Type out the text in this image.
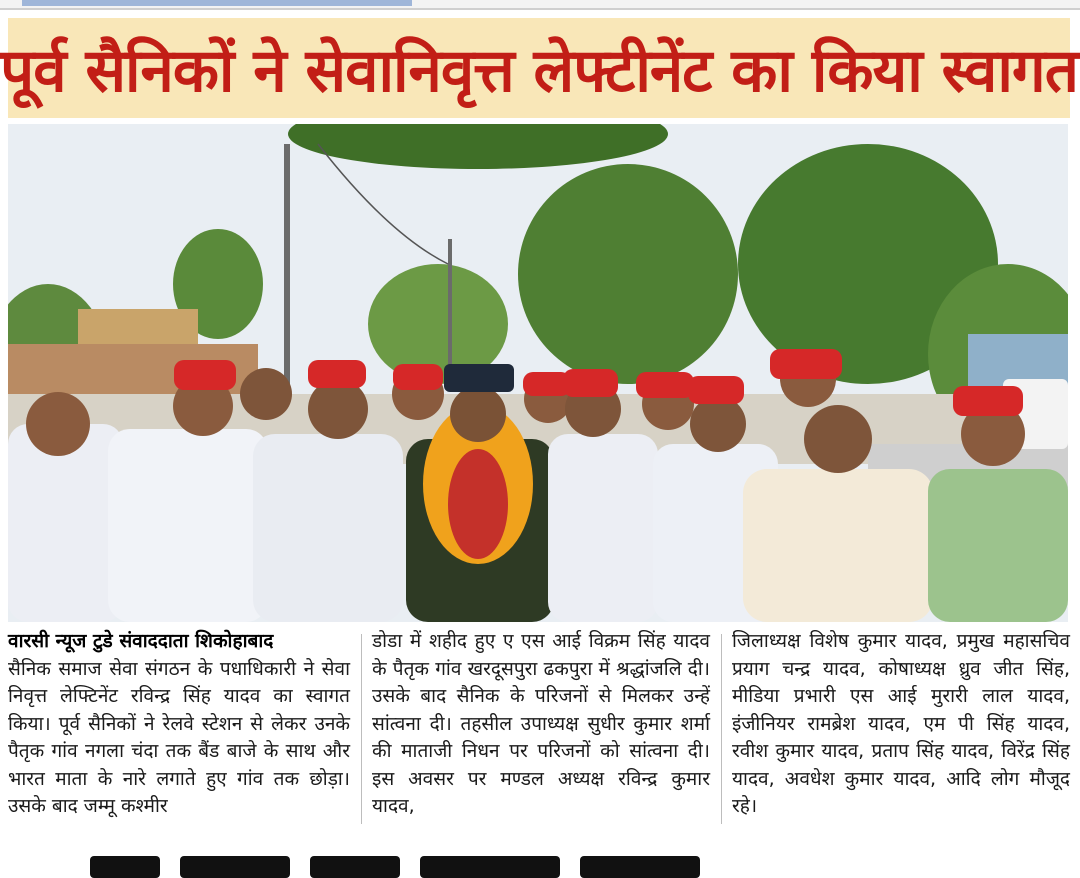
पूर्व सैनिकों ने सेवानिवृत्त लेफ्टीनेंट का किया स्वागत
वारसी न्यूज टुडे संवाददाता शिकोहाबाद
सैनिक समाज सेवा संगठन के पधाधिकारी ने सेवा निवृत्त लेफ्टिनेंट रविन्द्र सिंह यादव का स्वागत किया। पूर्व सैनिकों ने रेलवे स्टेशन से लेकर उनके पैतृक गांव नगला चंदा तक बैंड बाजे के साथ और भारत माता के नारे लगाते हुए गांव तक छोड़ा। उसके बाद जम्मू कश्मीर
डोडा में शहीद हुए ए एस आई विक्रम सिंह यादव के पैतृक गांव खरदूसपुरा ढकपुरा में श्रद्धांजलि दी। उसके बाद सैनिक के परिजनों से मिलकर उन्हें सांत्वना दी। तहसील उपाध्यक्ष सुधीर कुमार शर्मा की माताजी निधन पर परिजनों को सांत्वना दी। इस अवसर पर मण्डल अध्यक्ष रविन्द्र कुमार यादव,
जिलाध्यक्ष विशेष कुमार यादव, प्रमुख महासचिव प्रयाग चन्द्र यादव, कोषाध्यक्ष ध्रुव जीत सिंह, मीडिया प्रभारी एस आई मुरारी लाल यादव, इंजीनियर रामब्रेश यादव, एम पी सिंह यादव, रवीश कुमार यादव, प्रताप सिंह यादव, विरेंद्र सिंह यादव, अवधेश कुमार यादव, आदि लोग मौजूद रहे।
